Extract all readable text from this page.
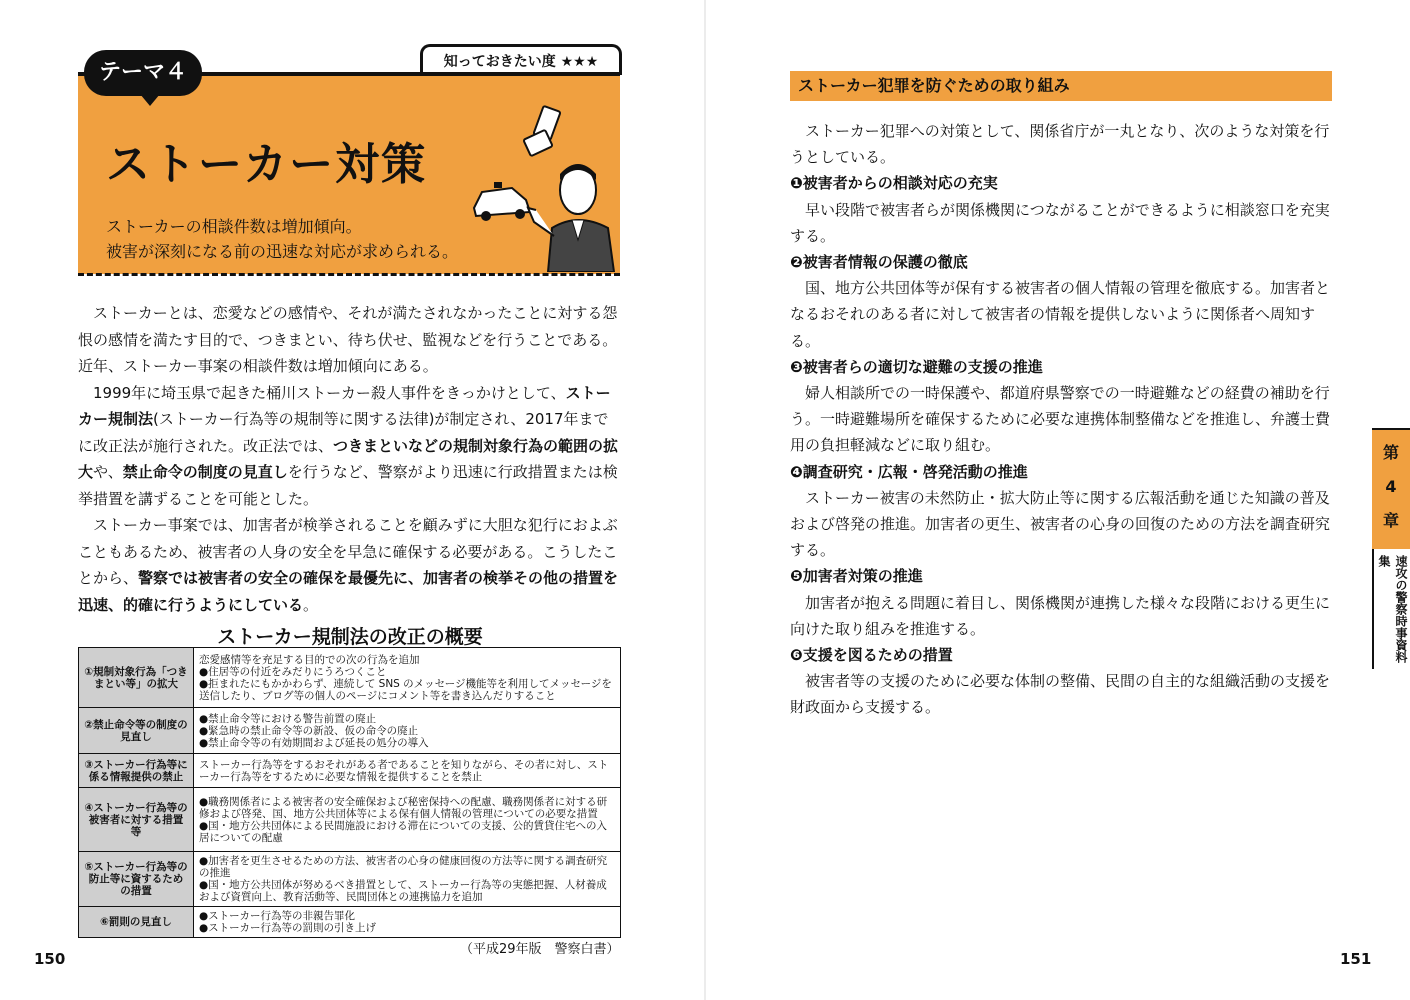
テーマ４	知っておきたい度 ★★★
ストーカー対策
ストーカーの相談件数は増加傾向。
被害が深刻になる前の迅速な対応が求められる。

ストーカーとは、恋愛などの感情や、それが満たされなかったことに対する怨恨の感情を満たす目的で、つきまとい、待ち伏せ、監視などを行うことである。近年、ストーカー事案の相談件数は増加傾向にある。

1999年に埼玉県で起きた桶川ストーカー殺人事件をきっかけとして、ストーカー規制法(ストーカー行為等の規制等に関する法律)が制定され、2017年までに改正法が施行された。改正法では、つきまといなどの規制対象行為の範囲の拡大や、禁止命令の制度の見直しを行うなど、警察がより迅速に行政措置または検挙措置を講ずることを可能とした。

ストーカー事案では、加害者が検挙されることを顧みずに大胆な犯行におよぶこともあるため、被害者の人身の安全を早急に確保する必要がある。こうしたことから、警察では被害者の安全の確保を最優先に、加害者の検挙その他の措置を迅速、的確に行うようにしている。

ストーカー規制法の改正の概要
①規制対象行為「つきまとい等」の拡大	恋愛感情等を充足する目的での次の行為を追加
●住居等の付近をみだりにうろつくこと
●拒まれたにもかかわらず、連続して SNS のメッセージ機能等を利用してメッセージを送信したり、ブログ等の個人のページにコメント等を書き込んだりすること
②禁止命令等の制度の見直し	●禁止命令等における警告前置の廃止
●緊急時の禁止命令等の新設、仮の命令の廃止
●禁止命令等の有効期間および延長の処分の導入
③ストーカー行為等に係る情報提供の禁止	ストーカー行為等をするおそれがある者であることを知りながら、その者に対し、ストーカー行為等をするために必要な情報を提供することを禁止
④ストーカー行為等の被害者に対する措置等	●職務関係者による被害者の安全確保および秘密保持への配慮、職務関係者に対する研修および啓発、国、地方公共団体等による保有個人情報の管理についての必要な措置
●国・地方公共団体による民間施設における滞在についての支援、公的賃貸住宅への入居についての配慮
⑤ストーカー行為等の防止等に資するための措置	●加害者を更生させるための方法、被害者の心身の健康回復の方法等に関する調査研究の推進
●国・地方公共団体が努めるべき措置として、ストーカー行為等の実態把握、人材養成および資質向上、教育活動等、民間団体との連携協力を追加
⑥罰則の見直し	●ストーカー行為等の非親告罪化
●ストーカー行為等の罰則の引き上げ
（平成29年版　警察白書）
150
ストーカー犯罪を防ぐための取り組み

ストーカー犯罪への対策として、関係省庁が一丸となり、次のような対策を行うとしている。

❶被害者からの相談対応の充実

早い段階で被害者らが関係機関につながることができるように相談窓口を充実する。

❷被害者情報の保護の徹底

国、地方公共団体等が保有する被害者の個人情報の管理を徹底する。加害者となるおそれのある者に対して被害者の情報を提供しないように関係者へ周知する。

❸被害者らの適切な避難の支援の推進

婦人相談所での一時保護や、都道府県警察での一時避難などの経費の補助を行う。一時避難場所を確保するために必要な連携体制整備などを推進し、弁護士費用の負担軽減などに取り組む。

❹調査研究・広報・啓発活動の推進

ストーカー被害の未然防止・拡大防止等に関する広報活動を通じた知識の普及および啓発の推進。加害者の更生、被害者の心身の回復のための方法を調査研究する。

❺加害者対策の推進

加害者が抱える問題に着目し、関係機関が連携した様々な段階における更生に向けた取り組みを推進する。

❻支援を図るための措置

被害者等の支援のために必要な体制の整備、民間の自主的な組織活動の支援を財政面から支援する。

第
4
章
速攻の警察時事資料集
151
